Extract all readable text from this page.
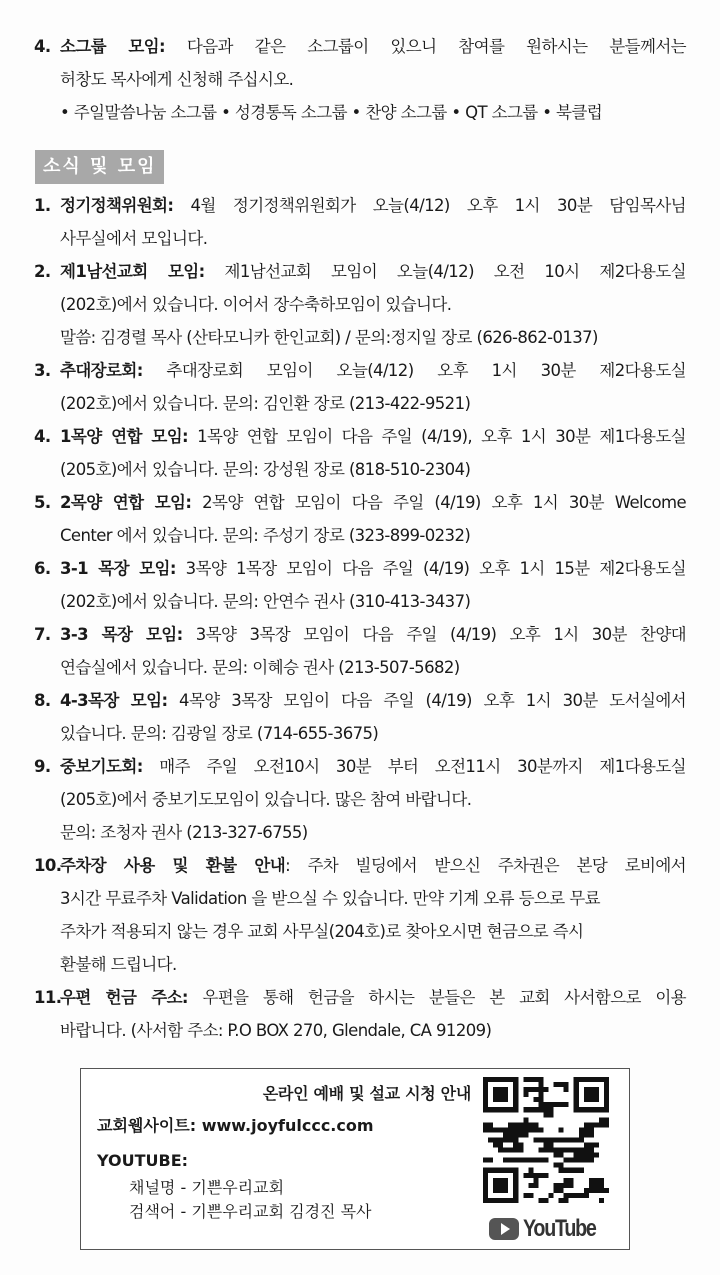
4. 소그룹 모임: 다음과 같은 소그룹이 있으니 참여를 원하시는 분들께서는
허창도 목사에게 신청해 주십시오.
• 주일말씀나눔 소그룹 • 성경통독 소그룹 • 찬양 소그룹 • QT 소그룹 • 북클럽
소식 및 모임
1. 정기정책위원회: 4월 정기정책위원회가 오늘(4/12) 오후 1시 30분 담임목사님
사무실에서 모입니다.
2. 제1남선교회 모임: 제1남선교회 모임이 오늘(4/12) 오전 10시 제2다용도실
(202호)에서 있습니다. 이어서 장수축하모임이 있습니다.
말씀: 김경렬 목사 (산타모니카 한인교회) / 문의:정지일 장로 (626-862-0137)
3. 추대장로회: 추대장로회 모임이 오늘(4/12) 오후 1시 30분 제2다용도실
(202호)에서 있습니다. 문의: 김인환 장로 (213-422-9521)
4. 1목양 연합 모임: 1목양 연합 모임이 다음 주일 (4/19), 오후 1시 30분 제1다용도실
(205호)에서 있습니다. 문의: 강성원 장로 (818-510-2304)
5. 2목양 연합 모임: 2목양 연합 모임이 다음 주일 (4/19) 오후 1시 30분 Welcome
Center 에서 있습니다. 문의: 주성기 장로 (323-899-0232)
6. 3-1 목장 모임: 3목양 1목장 모임이 다음 주일 (4/19) 오후 1시 15분 제2다용도실
(202호)에서 있습니다. 문의: 안연수 권사 (310-413-3437)
7. 3-3 목장 모임: 3목양 3목장 모임이 다음 주일 (4/19) 오후 1시 30분 찬양대
연습실에서 있습니다. 문의: 이혜승 권사 (213-507-5682)
8. 4-3목장 모임: 4목양 3목장 모임이 다음 주일 (4/19) 오후 1시 30분 도서실에서
있습니다. 문의: 김광일 장로 (714-655-3675)
9. 중보기도회: 매주 주일 오전10시 30분 부터 오전11시 30분까지 제1다용도실
(205호)에서 중보기도모임이 있습니다. 많은 참여 바랍니다.
문의: 조청자 권사 (213-327-6755)
10.
주차장 사용 및 환불 안내: 주차 빌딩에서 받으신 주차권은 본당 로비에서
3시간 무료주차 Validation 을 받으실 수 있습니다. 만약 기계 오류 등으로 무료
주차가 적용되지 않는 경우 교회 사무실(204호)로 찾아오시면 현금으로 즉시
환불해 드립니다.
11.
우편 헌금 주소: 우편을 통해 헌금을 하시는 분들은 본 교회 사서함으로 이용
바랍니다. (사서함 주소: P.O BOX 270, Glendale, CA 91209)
온라인 예배 및 설교 시청 안내
교회웹사이트: www.joyfulccc.com
YOUTUBE:
채널명 - 기쁜우리교회
검색어 - 기쁜우리교회 김경진 목사
YouTube
